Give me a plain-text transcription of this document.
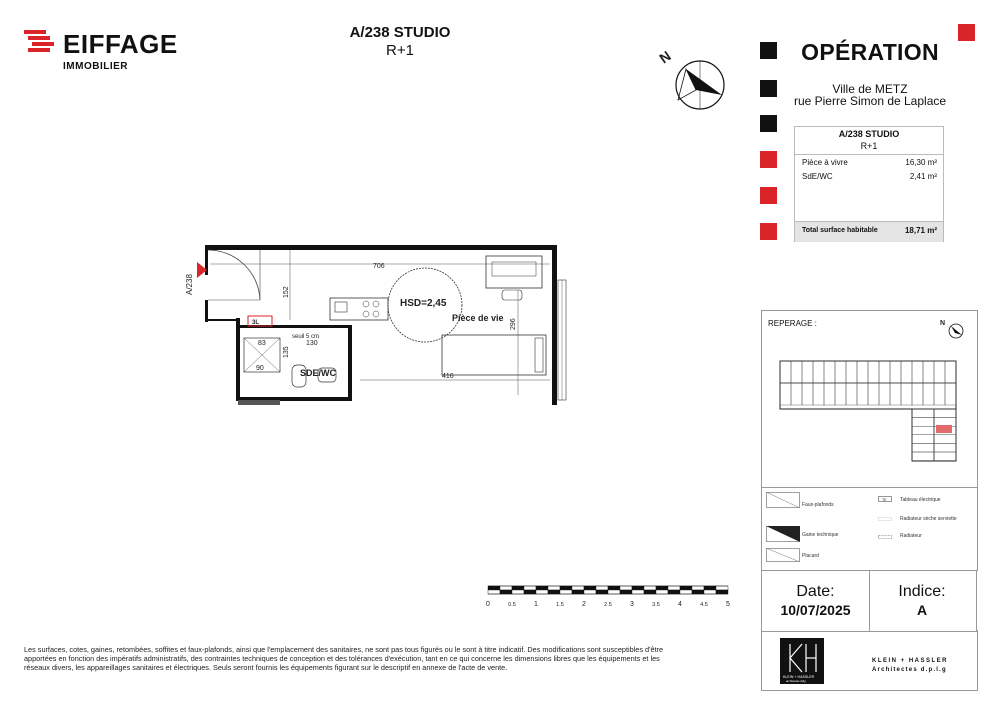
EIFFAGE
IMMOBILIER
A/238 STUDIO
R+1	N	OPÉRATION
Ville de METZ
rue Pierre Simon de Laplace
A/238 STUDIO
R+1
Pièce à vivre	16,30 m²
SdE/WC	2,41 m²
Total surface habitable	18,71 m²
A/238
706
152
296
416
3L
seuil 5 cm
130
135
83
90
HSD=2,45
Pièce de vie
SDE/WC
0	0.5	1	1.5	2	2.5	3	3.5	4	4.5	5
REPERAGE :	N
Faux-plafonds
Gaine technique
Placard
TE	Tableau électrique
Radiateur sèche serviette
Radiateur
Date:
10/07/2025
Indice:
A
KLEIN + HASSLER
architectes dplg
KLEIN + HASSLER
Architectes d.p.l.g
Les surfaces, cotes, gaines, retombées, soffites et faux-plafonds, ainsi que l'emplacement des sanitaires, ne sont pas tous figurés ou le sont à titre indicatif. Des modifications sont susceptibles d'être apportées en fonction des impératifs administratifs, des contraintes techniques de conception et des tolérances d'exécution, tant en ce qui concerne les dimensions libres que les équipements et les réseaux divers, les appareillages sanitaires et électriques. Seuls seront fournis les équipements figurant sur le descriptif en annexe de l'acte de vente.
